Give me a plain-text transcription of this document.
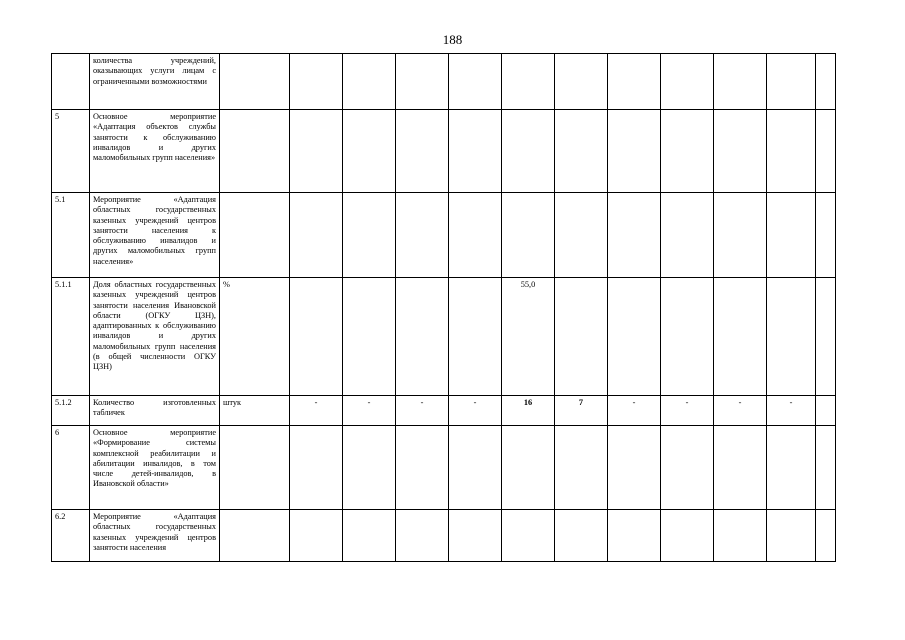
188
	количества учреждений, оказывающих услуги лицам с ограниченными возможностями												
5	Основное мероприятие «Адаптация объектов службы занятости к обслуживанию инвалидов и других маломобильных групп населения»												
5.1	Мероприятие «Адаптация областных государственных казенных учреждений центров занятости населения к обслуживанию инвалидов и других маломобильных групп населения»												
5.1.1	Доля областных государственных казенных учреждений центров занятости населения Ивановской области (ОГКУ ЦЗН), адаптированных к обслуживанию инвалидов и других маломобильных групп населения (в общей численности ОГКУ ЦЗН)	%					55,0						
5.1.2	Количество изготовленных табличек	штук	-	-	-	-	16	7	-	-	-	-	
6	Основное мероприятие «Формирование системы комплексной реабилитации и абилитации инвалидов, в том числе детей-инвалидов, в Ивановской области»												
6.2	Мероприятие «Адаптация областных государственных казенных учреждений центров занятости населения												
